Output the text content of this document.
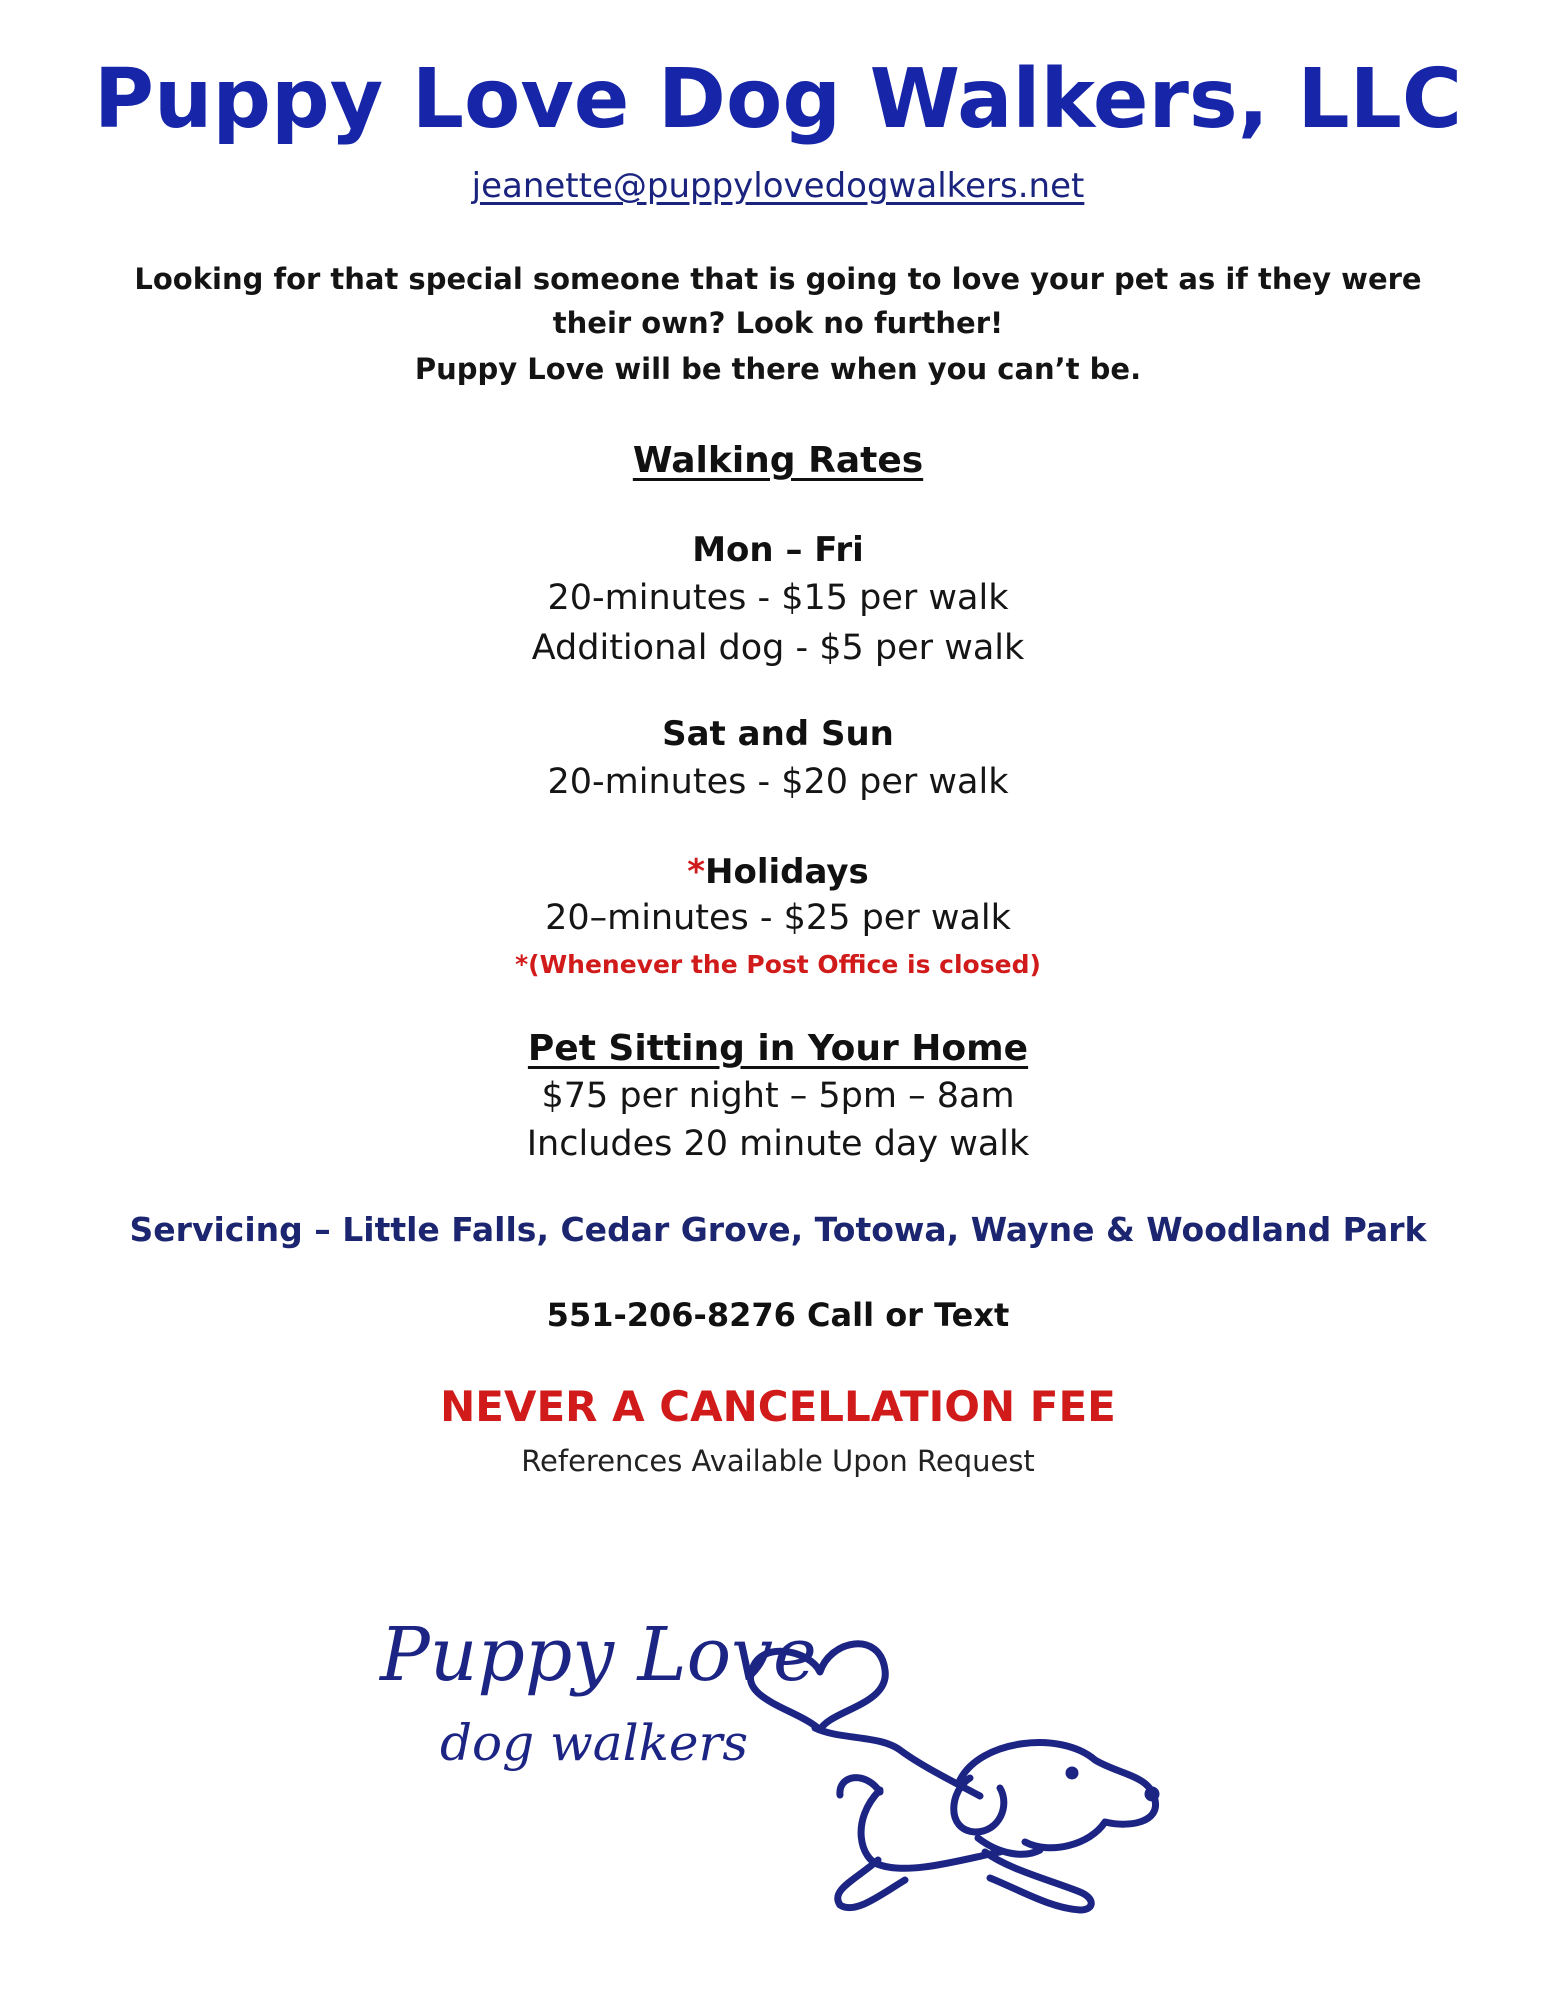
Puppy Love Dog Walkers, LLC
jeanette@puppylovedogwalkers.net
Looking for that special someone that is going to love your pet as if they were
their own? Look no further!
Puppy Love will be there when you can’t be.
Walking Rates
Mon – Fri
20-minutes - $15 per walk
Additional dog - $5 per walk
Sat and Sun
20-minutes - $20 per walk
*Holidays
20–minutes - $25 per walk
*(Whenever the Post Office is closed)
Pet Sitting in Your Home
$75 per night – 5pm – 8am
Includes 20 minute day walk
Servicing – Little Falls, Cedar Grove, Totowa, Wayne & Woodland Park
551-206-8276 Call or Text
NEVER A CANCELLATION FEE
References Available Upon Request
Puppy Love
dog walkers
